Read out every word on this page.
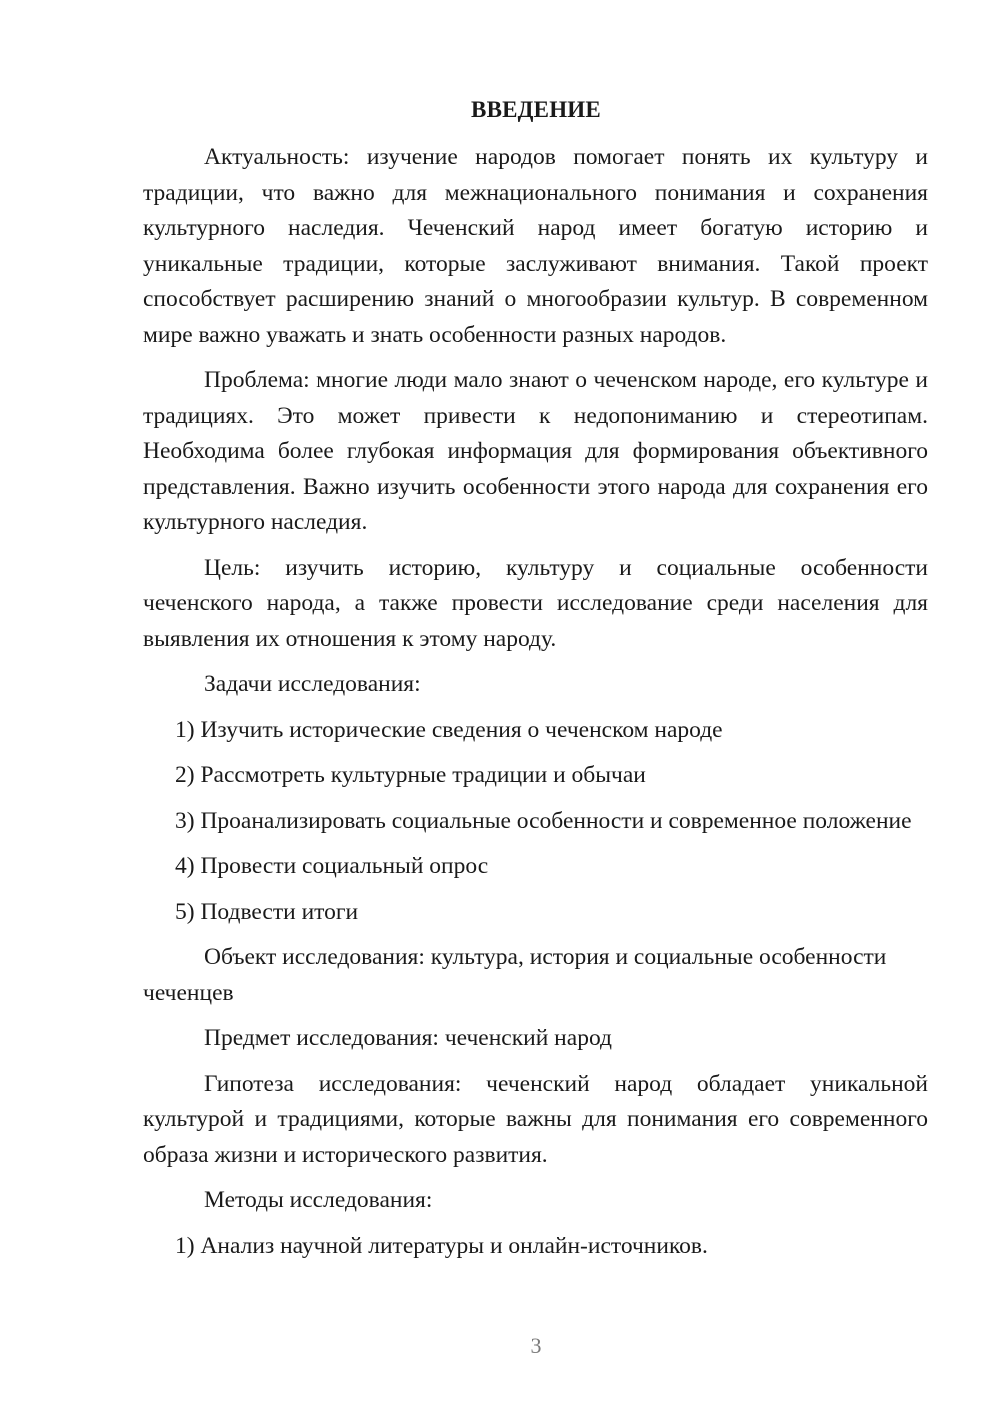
ВВЕДЕНИЕ

Актуальность: изучение народов помогает понять их культуру и традиции, что важно для межнационального понимания и сохранения культурного наследия. Чеченский народ имеет богатую историю и уникальные традиции, которые заслуживают внимания. Такой проект способствует расширению знаний о многообразии культур. В современном мире важно уважать и знать особенности разных народов.

Проблема: многие люди мало знают о чеченском народе, его культуре и традициях. Это может привести к недопониманию и стереотипам. Необходима более глубокая информация для формирования объективного представления. Важно изучить особенности этого народа для сохранения его культурного наследия.

Цель: изучить историю, культуру и социальные особенности чеченского народа, а также провести исследование среди населения для выявления их отношения к этому народу.

Задачи исследования:

1) Изучить исторические сведения о чеченском народе

2) Рассмотреть культурные традиции и обычаи

3) Проанализировать социальные особенности и современное положение

4) Провести социальный опрос

5) Подвести итоги

Объект исследования: культура, история и социальные особенности чеченцев

Предмет исследования: чеченский народ

Гипотеза исследования: чеченский народ обладает уникальной культурой и традициями, которые важны для понимания его современного образа жизни и исторического развития.

Методы исследования:

1) Анализ научной литературы и онлайн-источников.

3
